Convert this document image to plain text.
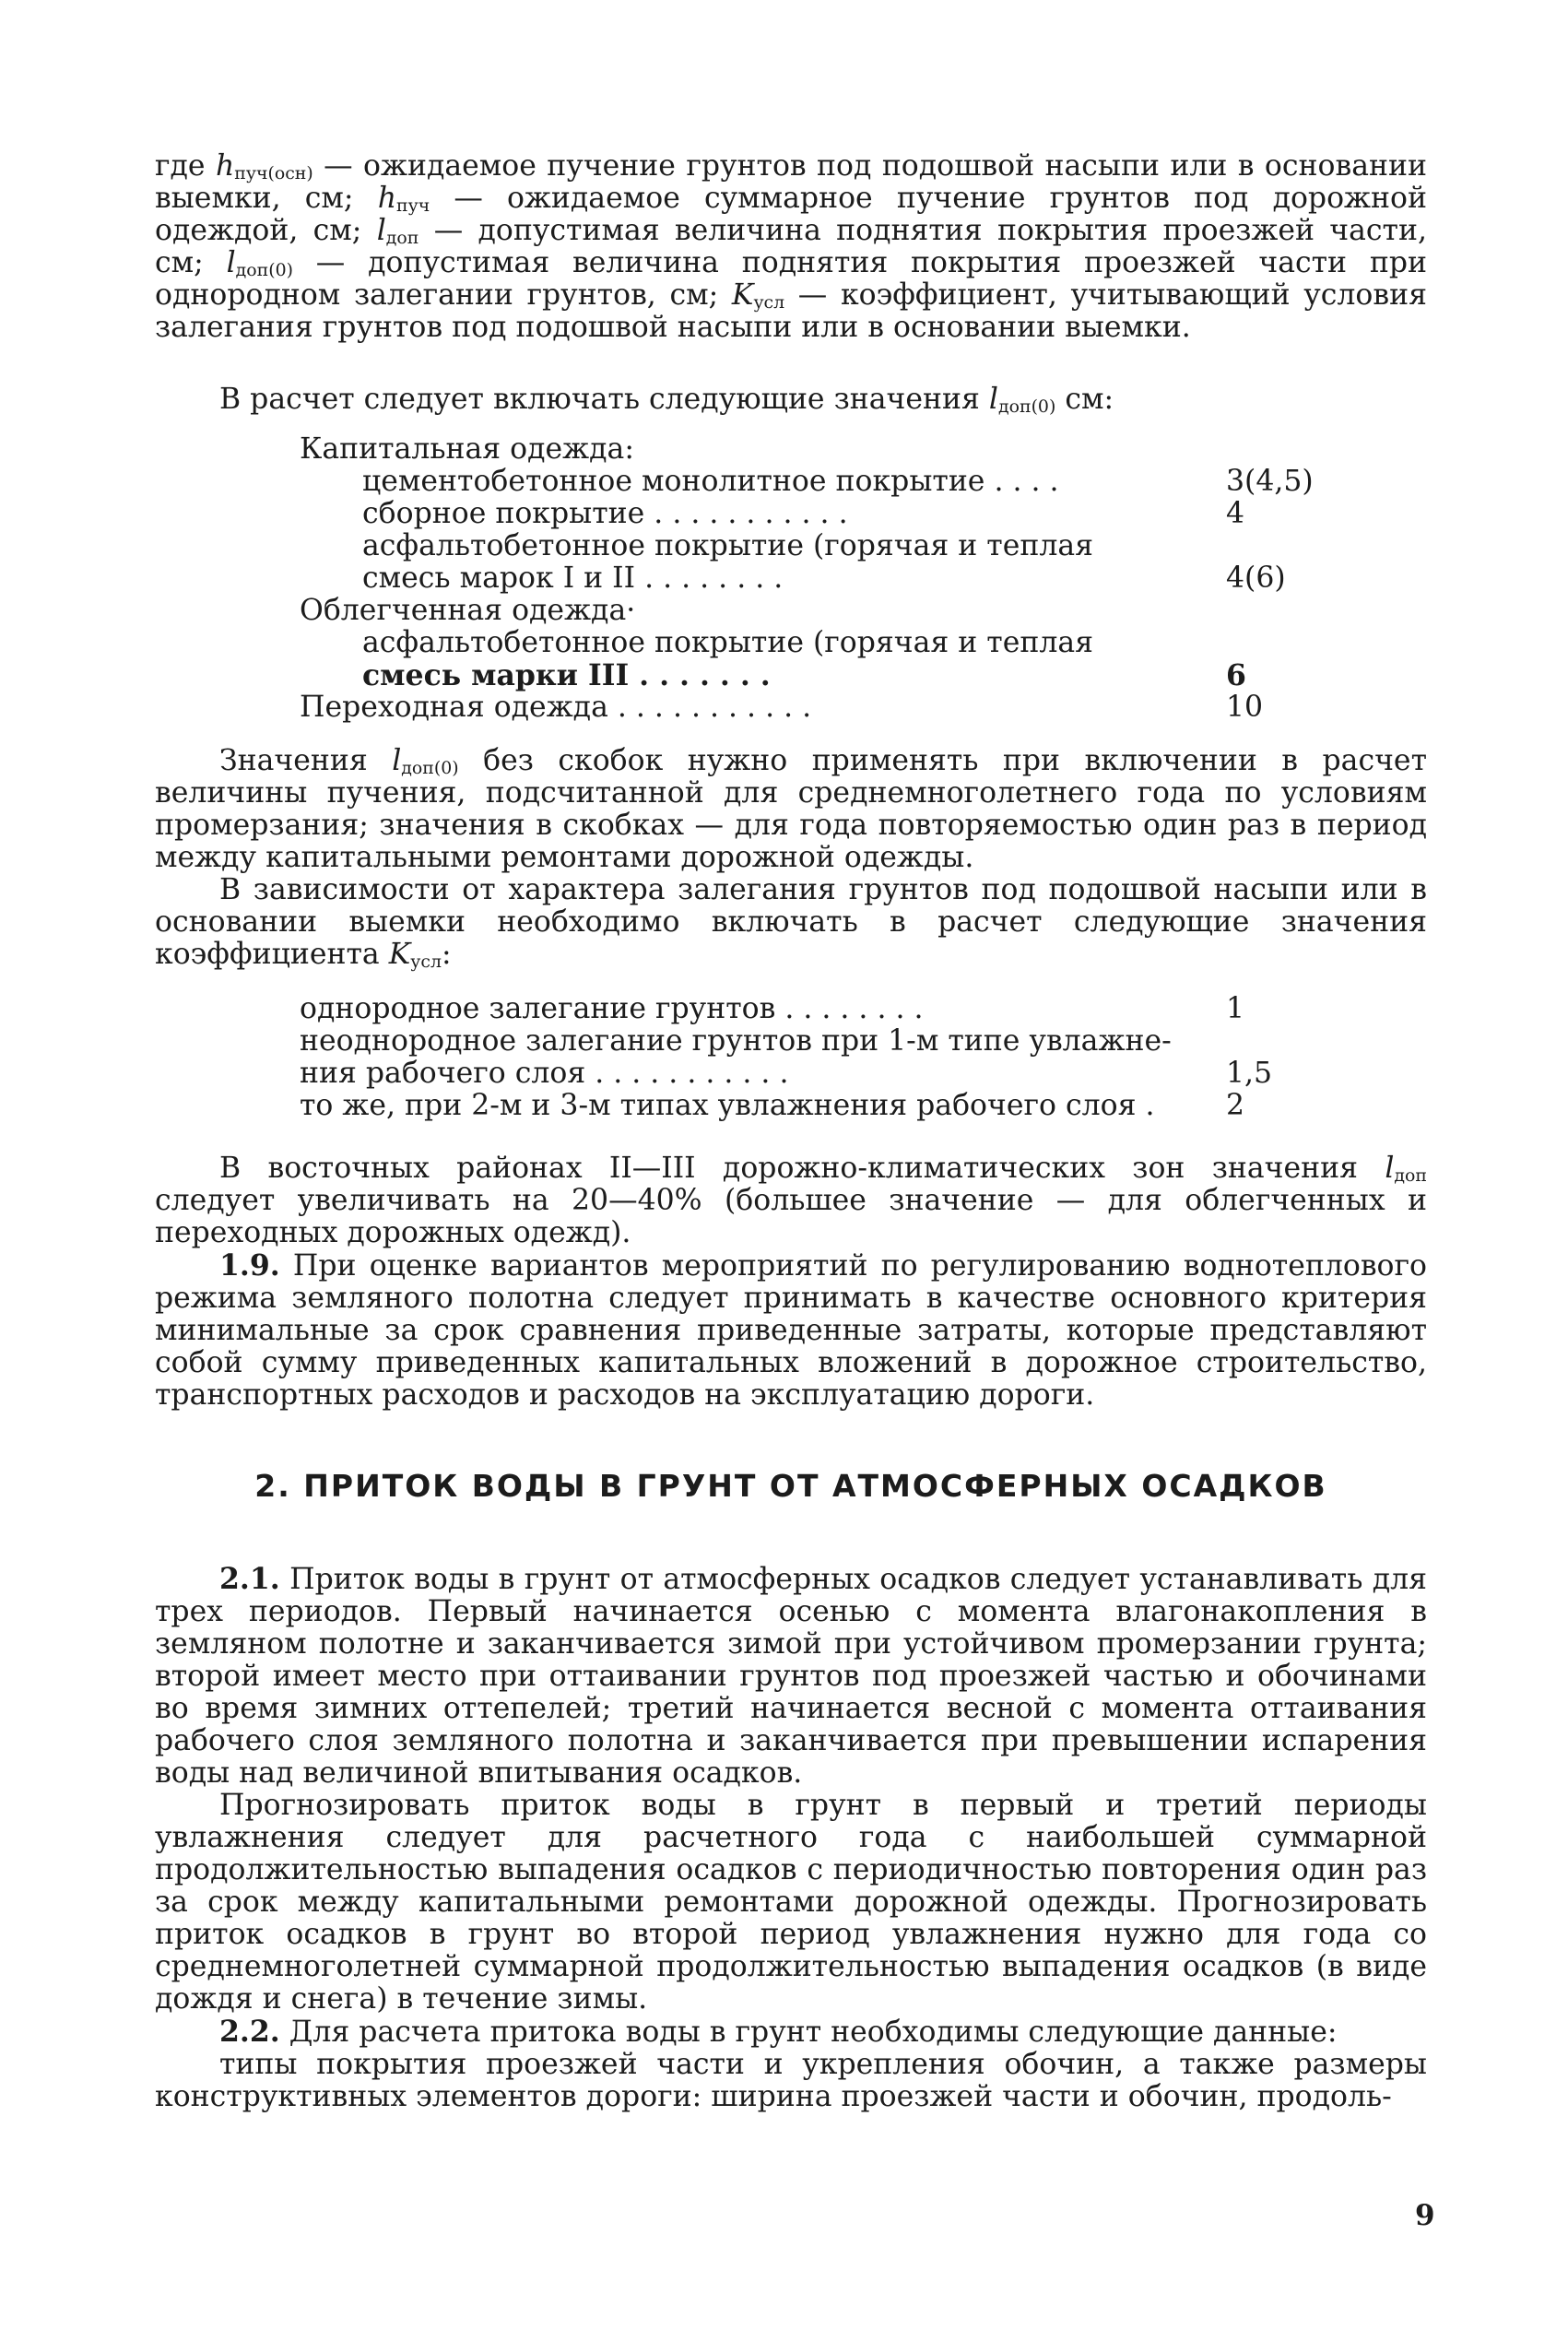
где $h_{пуч(осн)}$ — ожидаемое пучение грунтов под подошвой насыпи или в основании выемки, см; $h_{пуч}$ — ожидаемое суммарное пучение грунтов под дорожной одеждой, см; $l_{доп}$ — допустимая величина поднятия покрытия проезжей части, см; $l_{доп(0)}$ — допустимая величина поднятия покрытия проезжей части при однородном залегании грунтов, см; $K_{усл}$ — коэффициент, учитывающий условия залегания грунтов под подошвой насыпи или в основании выемки.

В расчет следует включать следующие значения $l_{доп(0)}$ см:

Капитальная одежда:
цементобетонное монолитное покрытие . . . .	3(4,5)
сборное покрытие . . . . . . . . . . .	4
асфальтобетонное покрытие (горячая и теплая
смесь марок I и II . . . . . . . .	4(6)
Облегченная одежда·
асфальтобетонное покрытие (горячая и теплая
смесь марки III . . . . . . .	6
Переходная одежда . . . . . . . . . . .	10

Значения $l_{доп(0)}$ без скобок нужно применять при включении в расчет величины пучения, подсчитанной для среднемноголетнего года по условиям промерзания; значения в скобках — для года повторяемостью один раз в период между капитальными ремонтами дорожной одежды.

В зависимости от характера залегания грунтов под подошвой насыпи или в основании выемки необходимо включать в расчет следующие значения коэффициента $K_{усл}$:

однородное залегание грунтов . . . . . . . .	1
неоднородное залегание грунтов при 1-м типе увлажне-
ния рабочего слоя . . . . . . . . . . .	1,5
то же, при 2-м и 3-м типах увлажнения рабочего слоя . 2

В восточных районах II—III дорожно-климатических зон значения $l_{доп}$ следует увеличивать на 20—40% (большее значение — для облегченных и переходных дорожных одежд).

1.9. При оценке вариантов мероприятий по регулированию воднотеплового режима земляного полотна следует принимать в качестве основного критерия минимальные за срок сравнения приведенные затраты, которые представляют собой сумму приведенных капитальных вложений в дорожное строительство, транспортных расходов и расходов на эксплуатацию дороги.

2. ПРИТОК ВОДЫ В ГРУНТ ОТ АТМОСФЕРНЫХ ОСАДКОВ

2.1. Приток воды в грунт от атмосферных осадков следует устанавливать для трех периодов. Первый начинается осенью с момента влагонакопления в земляном полотне и заканчивается зимой при устойчивом промерзании грунта; второй имеет место при оттаивании грунтов под проезжей частью и обочинами во время зимних оттепелей; третий начинается весной с момента оттаивания рабочего слоя земляного полотна и заканчивается при превышении испарения воды над величиной впитывания осадков.

Прогнозировать приток воды в грунт в первый и третий периоды увлажнения следует для расчетного года с наибольшей суммарной продолжительностью выпадения осадков с периодичностью повторения один раз за срок между капитальными ремонтами дорожной одежды. Прогнозировать приток осадков в грунт во второй период увлажнения нужно для года со среднемноголетней суммарной продолжительностью выпадения осадков (в виде дождя и снега) в течение зимы.

2.2. Для расчета притока воды в грунт необходимы следующие данные:

типы покрытия проезжей части и укрепления обочин, а также размеры конструктивных элементов дороги: ширина проезжей части и обочин, продоль-

9
